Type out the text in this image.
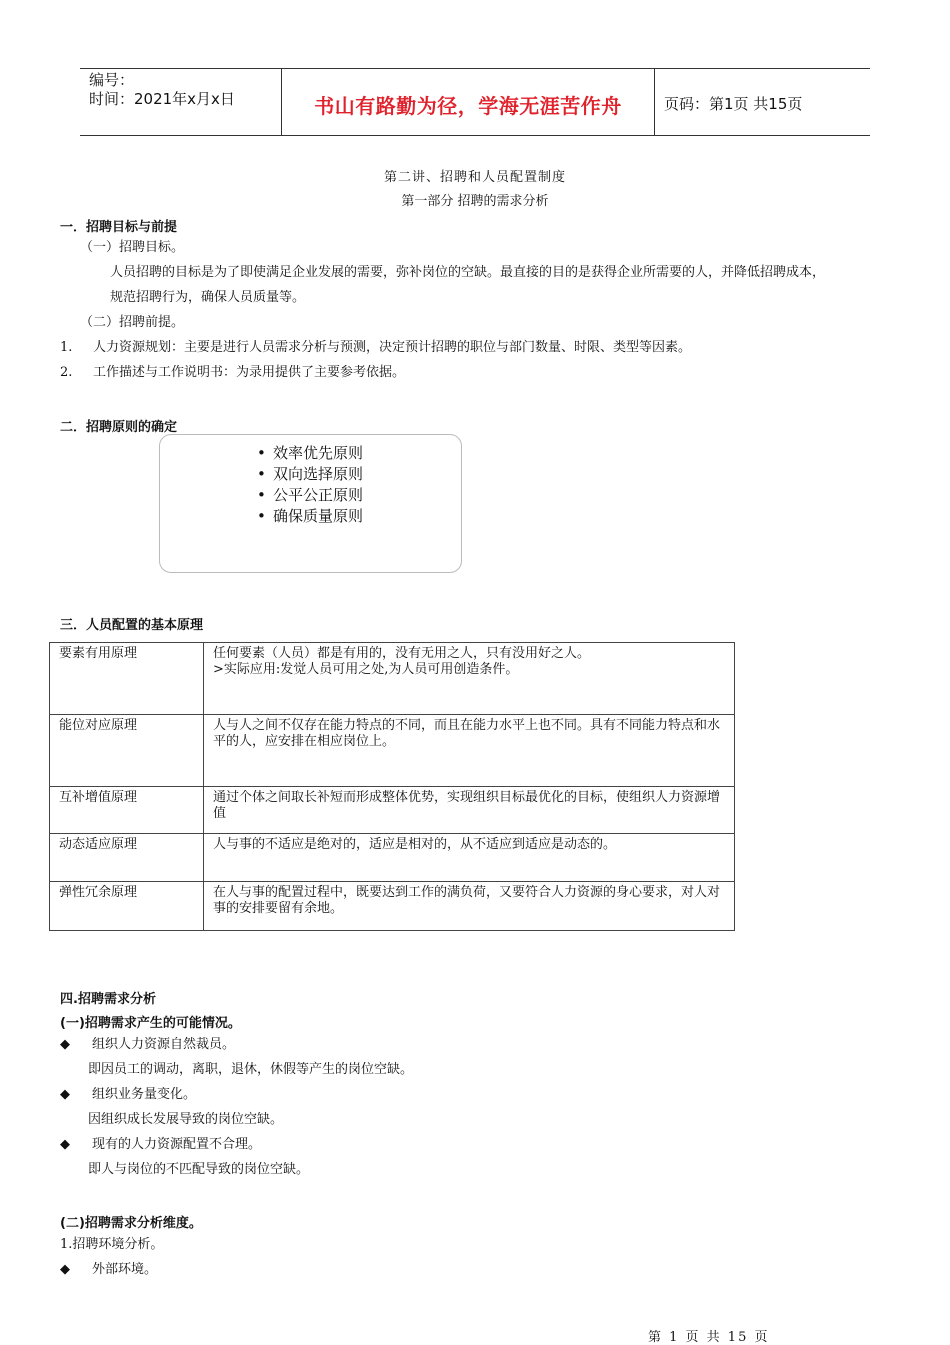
编号：
时间：2021年x月x日	书山有路勤为径，学海无涯苦作舟	页码：第1页 共15页
第二讲、招聘和人员配置制度
第一部分 招聘的需求分析
一．招聘目标与前提
（一）招聘目标。
人员招聘的目标是为了即使满足企业发展的需要，弥补岗位的空缺。最直接的目的是获得企业所需要的人，并降低招聘成本，
规范招聘行为，确保人员质量等。
（二）招聘前提。
1. 人力资源规划：主要是进行人员需求分析与预测，决定预计招聘的职位与部门数量、时限、类型等因素。
2. 工作描述与工作说明书：为录用提供了主要参考依据。
二．招聘原则的确定
• 效率优先原则
• 双向选择原则
• 公平公正原则
• 确保质量原则
三．人员配置的基本原理
要素有用原理	任何要素（人员）都是有用的，没有无用之人，只有没用好之人。
>实际应用:发觉人员可用之处,为人员可用创造条件。

能位对应原理	人与人之间不仅存在能力特点的不同，而且在能力水平上也不同。具有不同能力特点和水平的人，应安排在相应岗位上。
互补增值原理	通过个体之间取长补短而形成整体优势，实现组织目标最优化的目标，使组织人力资源增值
动态适应原理	人与事的不适应是绝对的，适应是相对的，从不适应到适应是动态的。
弹性冗余原理	在人与事的配置过程中，既要达到工作的满负荷，又要符合人力资源的身心要求，对人对事的安排要留有余地。
四.招聘需求分析
(一)招聘需求产生的可能情况。
◆ 组织人力资源自然裁员。
即因员工的调动，离职，退休，休假等产生的岗位空缺。
◆ 组织业务量变化。
因组织成长发展导致的岗位空缺。
◆ 现有的人力资源配置不合理。
即人与岗位的不匹配导致的岗位空缺。
(二)招聘需求分析维度。
1.招聘环境分析。
◆ 外部环境。
第 1 页 共 15 页
